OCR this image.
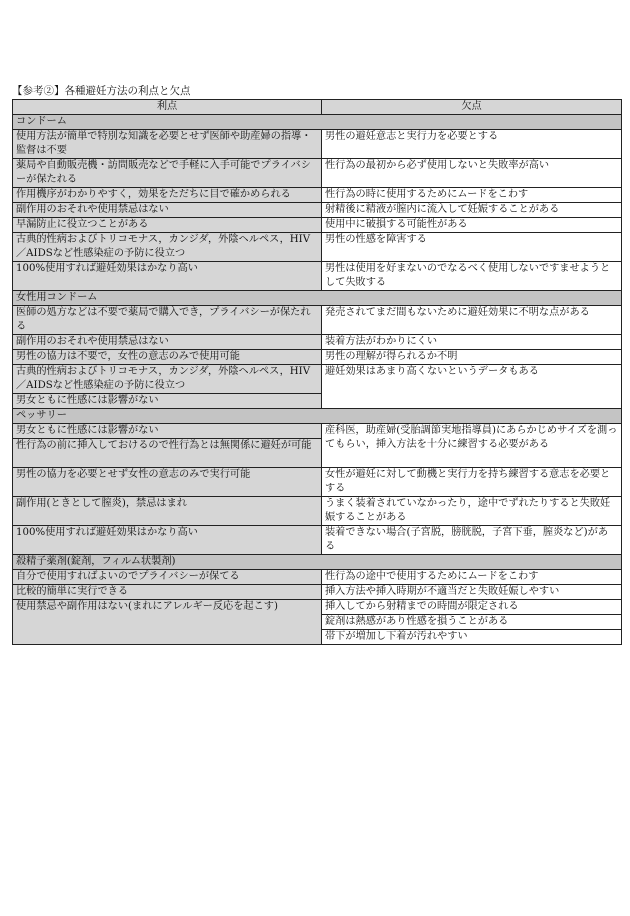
【参考②】各種避妊方法の利点と欠点
利点	欠点
コンドーム	
使用方法が簡単で特別な知識を必要とせず医師や助産婦の指導・監督は不要	男性の避妊意志と実行力を必要とする
薬局や自動販売機・訪問販売などで手軽に入手可能でプライバシーが保たれる	性行為の最初から必ず使用しないと失敗率が高い
作用機序がわかりやすく，効果をただちに目で確かめられる	性行為の時に使用するためにムードをこわす
副作用のおそれや使用禁忌はない	射精後に精液が膣内に流入して妊娠することがある
早漏防止に役立つことがある	使用中に破損する可能性がある
古典的性病およびトリコモナス，カンジダ，外陰ヘルペス，HIV／AIDSなど性感染症の予防に役立つ	男性の性感を障害する
100%使用すれば避妊効果はかなり高い	男性は使用を好まないのでなるべく使用しないですませようとして失敗する
女性用コンドーム	
医師の処方などは不要で薬局で購入でき，プライバシーが保たれる	発売されてまだ間もないために避妊効果に不明な点がある
副作用のおそれや使用禁忌はない	装着方法がわかりにくい
男性の協力は不要で，女性の意志のみで使用可能	男性の理解が得られるか不明
古典的性病およびトリコモナス，カンジダ，外陰ヘルペス，HIV／AIDSなど性感染症の予防に役立つ	避妊効果はあまり高くないというデータもある
男女ともに性感には影響がない	
ペッサリー	
男女ともに性感には影響がない	産科医，助産婦(受胎調節実地指導員)にあらかじめサイズを測ってもらい，挿入方法を十分に練習する必要がある
性行為の前に挿入しておけるので性行為とは無関係に避妊が可能	
男性の協力を必要とせず女性の意志のみで実行可能	女性が避妊に対して動機と実行力を持ち練習する意志を必要とする
副作用(ときとして膣炎)，禁忌はまれ	うまく装着されていなかったり，途中でずれたりすると失敗妊娠することがある
100%使用すれば避妊効果はかなり高い	装着できない場合(子宮脱，膀胱脱，子宮下垂，膣炎など)がある
殺精子薬剤(錠剤，フィルム状製剤)	
自分で使用すればよいのでプライバシーが保てる	性行為の途中で使用するためにムードをこわす
比較的簡単に実行できる	挿入方法や挿入時期が不適当だと失敗妊娠しやすい
使用禁忌や副作用はない(まれにアレルギー反応を起こす)	
	挿入してから射精までの時間が限定される
	錠剤は熱感があり性感を損うことがある
	帯下が増加し下着が汚れやすい
